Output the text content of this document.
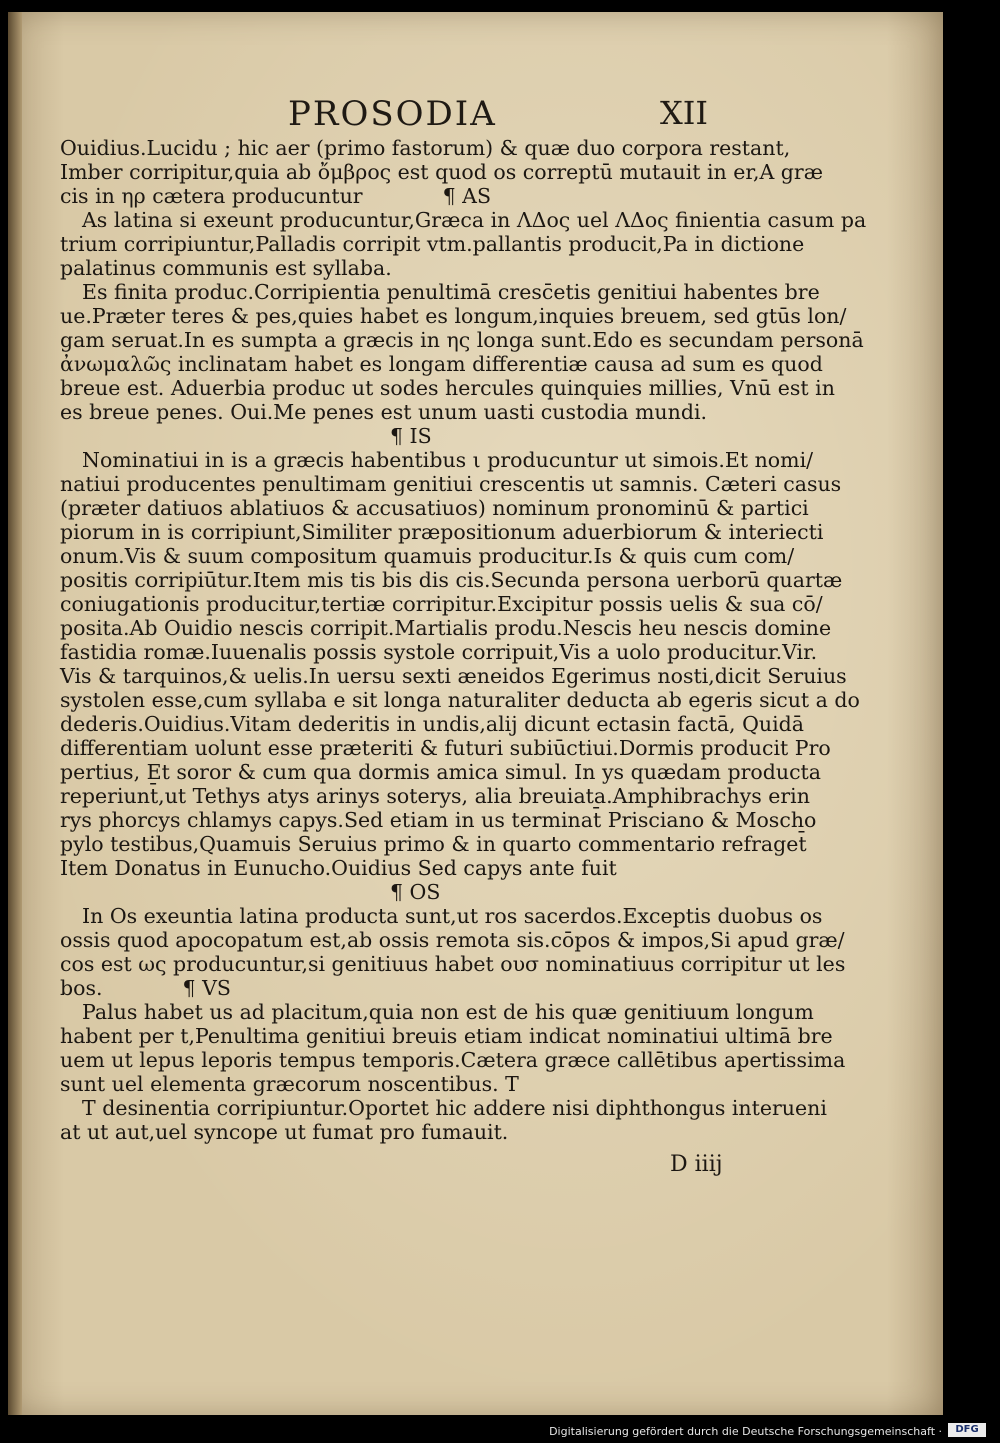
PROSODIA	XII
Ouidius.Lucidu ; hic aer (primo fastorum) & quæ duo corpora restant,
Imber corripitur,quia ab ὄμβρος est quod os correptū mutauit in er,A græ
cis in ηρ cætera producuntur	¶ AS
As latina si exeunt producuntur,Græca in ΛΔος uel ΛΔος finientia casum pa
trium corripiuntur,Palladis corripit vtm.pallantis producit,Pa in dictione
palatinus communis est syllaba.
Es finita produc.Corripientia penultimā cresc̄etis genitiui habentes bre
ue.Præter teres & pes,quies habet es longum,inquies breuem, sed gtūs lon/
gam seruat.In es sumpta a græcis in ης longa sunt.Edo es secundam personā
ἀνωμαλῶς inclinatam habet es longam differentiæ causa ad sum es quod
breue est. Aduerbia produc ut sodes hercules quinquies millies, Vnū est in
es breue penes. Oui.Me penes est unum uasti custodia mundi.
¶ IS
Nominatiui in is a græcis habentibus ι producuntur ut simois.Et nomi/
natiui producentes penultimam genitiui crescentis ut samnis. Cæteri casus
(præter datiuos ablatiuos & accusatiuos) nominum pronominū & partici
piorum in is corripiunt,Similiter præpositionum aduerbiorum & interiecti
onum.Vis & suum compositum quamuis producitur.Is & quis cum com/
positis corripiūtur.Item mis tis bis dis cis.Secunda persona uerborū quartæ
coniugationis producitur,tertiæ corripitur.Excipitur possis uelis & sua cō/
posita.Ab Ouidio nescis corripit.Martialis produ.Nescis heu nescis domine
fastidia romæ.Iuuenalis possis systole corripuit,Vis a uolo producitur.Vir.
Vis & tarquinos,& uelis.In uersu sexti æneidos Egerimus nosti,dicit Seruius
systolen esse,cum syllaba e sit longa naturaliter deducta ab egeris sicut a do
dederis.Ouidius.Vitam dederitis in undis,alij dicunt ectasin factā, Quidā
differentiam uolunt esse præteriti & futuri subiūctiui.Dormis producit Pro
pertius, Et soror & cum qua dormis amica simul. In ys quædam producta
reperiunt̄,ut Tethys atys arinys soterys, alia breuiata.Amphibrachys erin
rys phorcys chlamys capys.Sed etiam in us terminat̄ Prisciano & Moscho
pylo testibus,Quamuis Seruius primo & in quarto commentario refraget̄
Item Donatus in Eunucho.Ouidius Sed capys ante fuit
¶ OS
In Os exeuntia latina producta sunt,ut ros sacerdos.Exceptis duobus os
ossis quod apocopatum est,ab ossis remota sis.cōpos & impos,Si apud græ/
cos est ως producuntur,si genitiuus habet ουσ nominatiuus corripitur ut les
bos.	¶ VS
Palus habet us ad placitum,quia non est de his quæ genitiuum longum
habent per t,Penultima genitiui breuis etiam indicat nominatiui ultimā bre
uem ut lepus leporis tempus temporis.Cætera græce callētibus apertissima
sunt uel elementa græcorum noscentibus. T
T desinentia corripiuntur.Oportet hic addere nisi diphthongus interueni
at ut aut,uel syncope ut fumat pro fumauit.
D iiij
Digitalisierung gefördert durch die Deutsche Forschungsgemeinschaft ·	DFG
